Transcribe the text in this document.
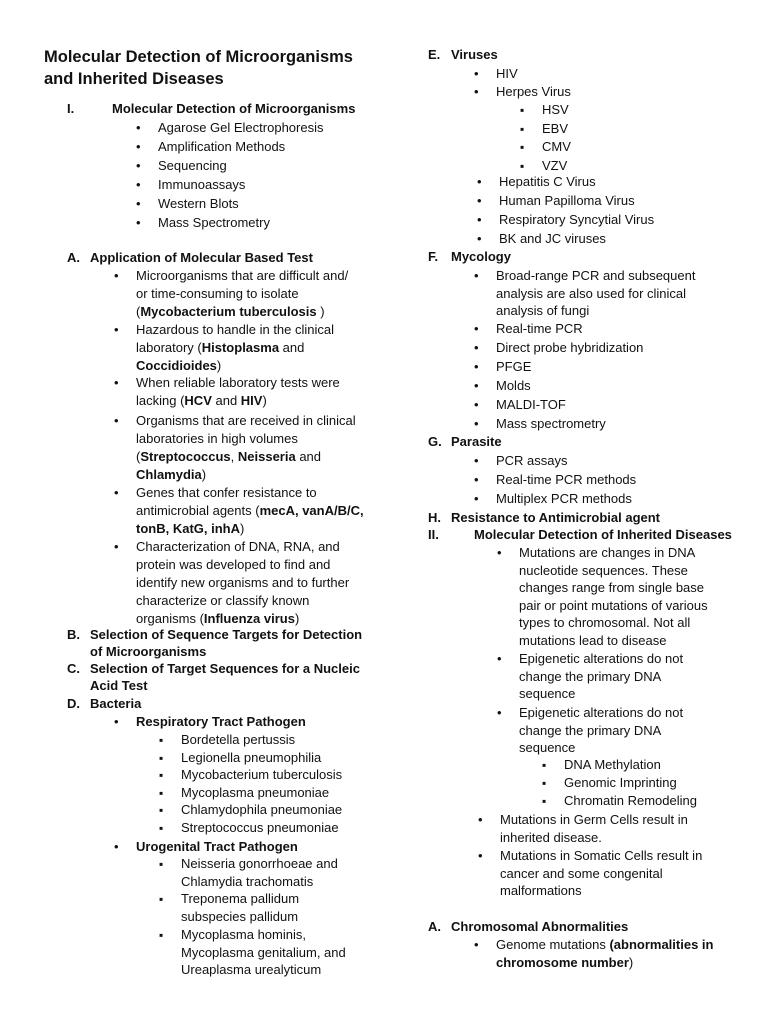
Molecular Detection of Microorganisms
and Inherited Diseases
I.	Molecular Detection of Microorganisms
• Agarose Gel Electrophoresis
• Amplification Methods
• Sequencing
• Immunoassays
• Western Blots
• Mass Spectrometry
A. Application of Molecular Based Test
• Microorganisms that are difficult and/
or time-consuming to isolate
(Mycobacterium tuberculosis )
• Hazardous to handle in the clinical
laboratory (Histoplasma and
Coccidioides)
• When reliable laboratory tests were
lacking (HCV and HIV)
• Organisms that are received in clinical
laboratories in high volumes
(Streptococcus, Neisseria and
Chlamydia)
• Genes that confer resistance to
antimicrobial agents (mecA, vanA/B/C,
tonB, KatG, inhA)
• Characterization of DNA, RNA, and
protein was developed to find and
identify new organisms and to further
characterize or classify known
organisms (Influenza virus)
B. Selection of Sequence Targets for Detection
of Microorganisms
C. Selection of Target Sequences for a Nucleic
Acid Test
D. Bacteria
• Respiratory Tract Pathogen
▪ Bordetella pertussis
▪ Legionella pneumophilia
▪ Mycobacterium tuberculosis
▪ Mycoplasma pneumoniae
▪ Chlamydophila pneumoniae
▪ Streptococcus pneumoniae
• Urogenital Tract Pathogen
▪ Neisseria gonorrhoeae and
Chlamydia trachomatis
▪ Treponema pallidum
subspecies pallidum
▪ Mycoplasma hominis,
Mycoplasma genitalium, and
Ureaplasma urealyticum
E. Viruses
• HIV
• Herpes Virus
▪ HSV
▪ EBV
▪ CMV
▪ VZV
• Hepatitis C Virus
• Human Papilloma Virus
• Respiratory Syncytial Virus
• BK and JC viruses
F. Mycology
• Broad-range PCR and subsequent
analysis are also used for clinical
analysis of fungi
• Real-time PCR
• Direct probe hybridization
• PFGE
• Molds
• MALDI-TOF
• Mass spectrometry
G. Parasite
• PCR assays
• Real-time PCR methods
• Multiplex PCR methods
H. Resistance to Antimicrobial agent
II.	Molecular Detection of Inherited Diseases
• Mutations are changes in DNA
nucleotide sequences. These
changes range from single base
pair or point mutations of various
types to chromosomal. Not all
mutations lead to disease
• Epigenetic alterations do not
change the primary DNA
sequence
• Epigenetic alterations do not
change the primary DNA
sequence
▪ DNA Methylation
▪ Genomic Imprinting
▪ Chromatin Remodeling
• Mutations in Germ Cells result in
inherited disease.
• Mutations in Somatic Cells result in
cancer and some congenital
malformations
A. Chromosomal Abnormalities
• Genome mutations (abnormalities in
chromosome number)
